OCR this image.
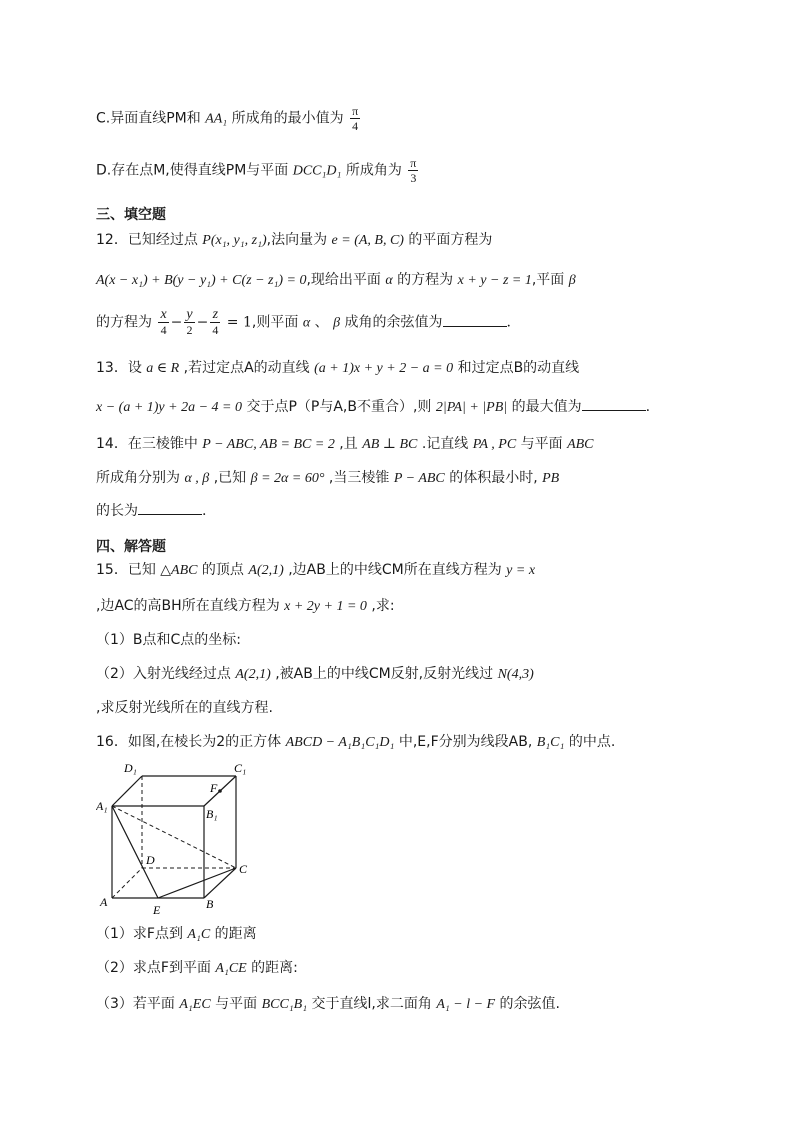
C.异面直线PM和 AA₁ 所成角的最小值为 $\frac{\pi}{4}$
D.存在点M,使得直线PM与平面 DCC₁D₁ 所成角为 $\frac{\pi}{3}$
三、填空题
12．已知经过点 P(x₁, y₁, z₁),法向量为 e = (A, B, C) 的平面方程为
A(x − x₁) + B(y − y₁) + C(z − z₁) = 0,现给出平面 α 的方程为 x + y − z = 1,平面 β
的方程为 $\frac{x}{4} - \frac{y}{2} - \frac{z}{4} = 1$,则平面 α 、 β 成角的余弦值为	.
13．设 a ∈ R ,若过定点A的动直线 (a + 1)x + y + 2 − a = 0 和过定点B的动直线
x − (a + 1)y + 2a − 4 = 0 交于点P（P与A,B不重合）,则 2|PA| + |PB| 的最大值为	.
14．在三棱锥中 P − ABC, AB = BC = 2 ,且 AB ⊥ BC .记直线 PA , PC 与平面 ABC
所成角分别为 α , β ,已知 β = 2α = 60° ,当三棱锥 P − ABC 的体积最小时, PB
的长为	.
四、解答题
15．已知 △ABC 的顶点 A(2,1) ,边AB上的中线CM所在直线方程为 y = x
,边AC的高BH所在直线方程为 x + 2y + 1 = 0 ,求:
（1）B点和C点的坐标:
（2）入射光线经过点 A(2,1) ,被AB上的中线CM反射,反射光线过 N(4,3)
,求反射光线所在的直线方程.
16．如图,在棱长为2的正方体 ABCD − A₁B₁C₁D₁ 中,E,F分别为线段AB, B₁C₁ 的中点.
D₁	C₁
A₁
B₁
F
D
C
A
E	B
（1）求F点到 A₁C 的距离
（2）求点F到平面 A₁CE 的距离:
（3）若平面 A₁EC 与平面 BCC₁B₁ 交于直线l,求二面角 A₁ − l − F 的余弦值.
